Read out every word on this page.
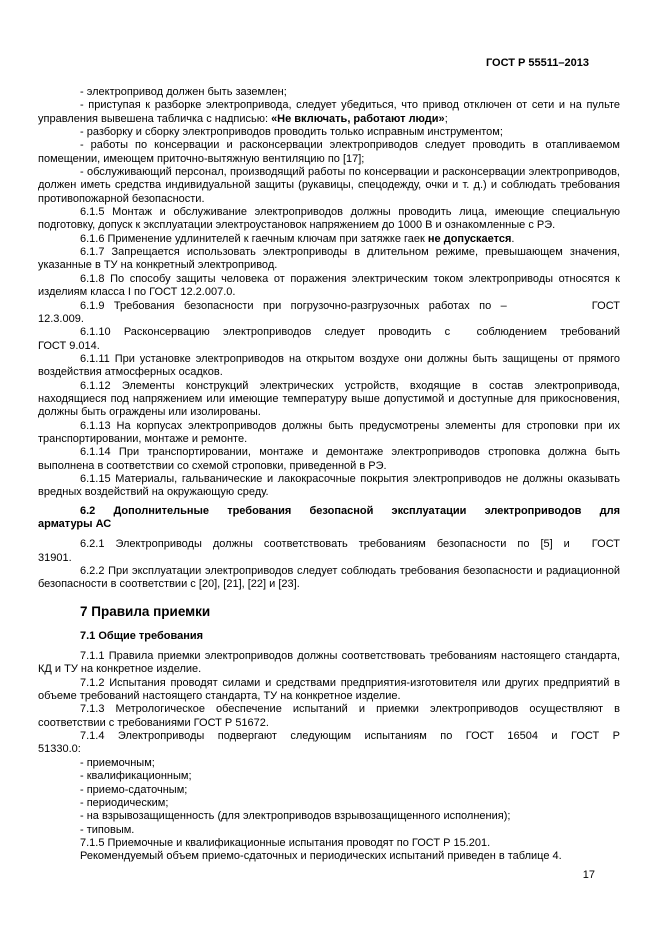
ГОСТ Р 55511–2013

- электропривод должен быть заземлен;

- приступая к разборке электропривода, следует убедиться, что привод отключен от сети и на пульте управления вывешена табличка с надписью: «Не включать, работают люди»;

- разборку и сборку электроприводов проводить только исправным инструментом;

- работы по консервации и расконсервации электроприводов следует проводить в отапливаемом помещении, имеющем приточно-вытяжную вентиляцию по [17];

- обслуживающий персонал, производящий работы по консервации и расконсервации электроприводов, должен иметь средства индивидуальной защиты (рукавицы, спецодежду, очки и т. д.) и соблюдать требования противопожарной безопасности.

6.1.5 Монтаж и обслуживание электроприводов должны проводить лица, имеющие специальную подготовку, допуск к эксплуатации электроустановок напряжением до 1000 В и ознакомленные с РЭ.

6.1.6 Применение удлинителей к гаечным ключам при затяжке гаек не допускается.

6.1.7 Запрещается использовать электроприводы в длительном режиме, превышающем значения, указанные в ТУ на конкретный электропривод.

6.1.8 По способу защиты человека от поражения электрическим током электроприводы относятся к изделиям класса I по ГОСТ 12.2.007.0.

6.1.9 Требования безопасности при погрузочно-разгрузочных работах по –         ГОСТ
12.3.009.

6.1.10 Расконсервацию электроприводов следует проводить с  соблюдением требований
ГОСТ 9.014.

6.1.11 При установке электроприводов на открытом воздухе они должны быть защищены от прямого воздействия атмосферных осадков.

6.1.12 Элементы конструкций электрических устройств, входящие в состав электропривода, находящиеся под напряжением или имеющие температуру выше допустимой и доступные для прикосновения, должны быть ограждены или изолированы.

6.1.13 На корпусах электроприводов должны быть предусмотрены элементы для строповки при их транспортировании, монтаже и ремонте.

6.1.14 При транспортировании, монтаже и демонтаже электроприводов строповка должна быть выполнена в соответствии со схемой строповки, приведенной в РЭ.

6.1.15 Материалы, гальванические и лакокрасочные покрытия электроприводов не должны оказывать вредных воздействий на окружающую среду.

6.2 Дополнительные требования безопасной эксплуатации электроприводов для
арматуры АС

6.2.1 Электроприводы должны соответствовать требованиям безопасности по [5] и  ГОСТ
31901.

6.2.2 При эксплуатации электроприводов следует соблюдать требования безопасности и радиационной безопасности в соответствии с [20], [21], [22] и [23].

7 Правила приемки

7.1 Общие требования

7.1.1 Правила приемки электроприводов должны соответствовать требованиям настоящего стандарта, КД и ТУ на конкретное изделие.

7.1.2 Испытания проводят силами и средствами предприятия-изготовителя или других предприятий в объеме требований настоящего стандарта, ТУ на конкретное изделие.

7.1.3 Метрологическое обеспечение испытаний и приемки электроприводов осуществляют в соответствии с требованиями ГОСТ Р 51672.

7.1.4 Электроприводы подвергают следующим испытаниям по ГОСТ 16504 и ГОСТ Р
51330.0:

- приемочным;

- квалификационным;

- приемо-сдаточным;

- периодическим;

- на взрывозащищенность (для электроприводов взрывозащищенного исполнения);

- типовым.

7.1.5 Приемочные и квалификационные испытания проводят по ГОСТ Р 15.201.

Рекомендуемый объем приемо-сдаточных и периодических испытаний приведен в таблице 4.

17
